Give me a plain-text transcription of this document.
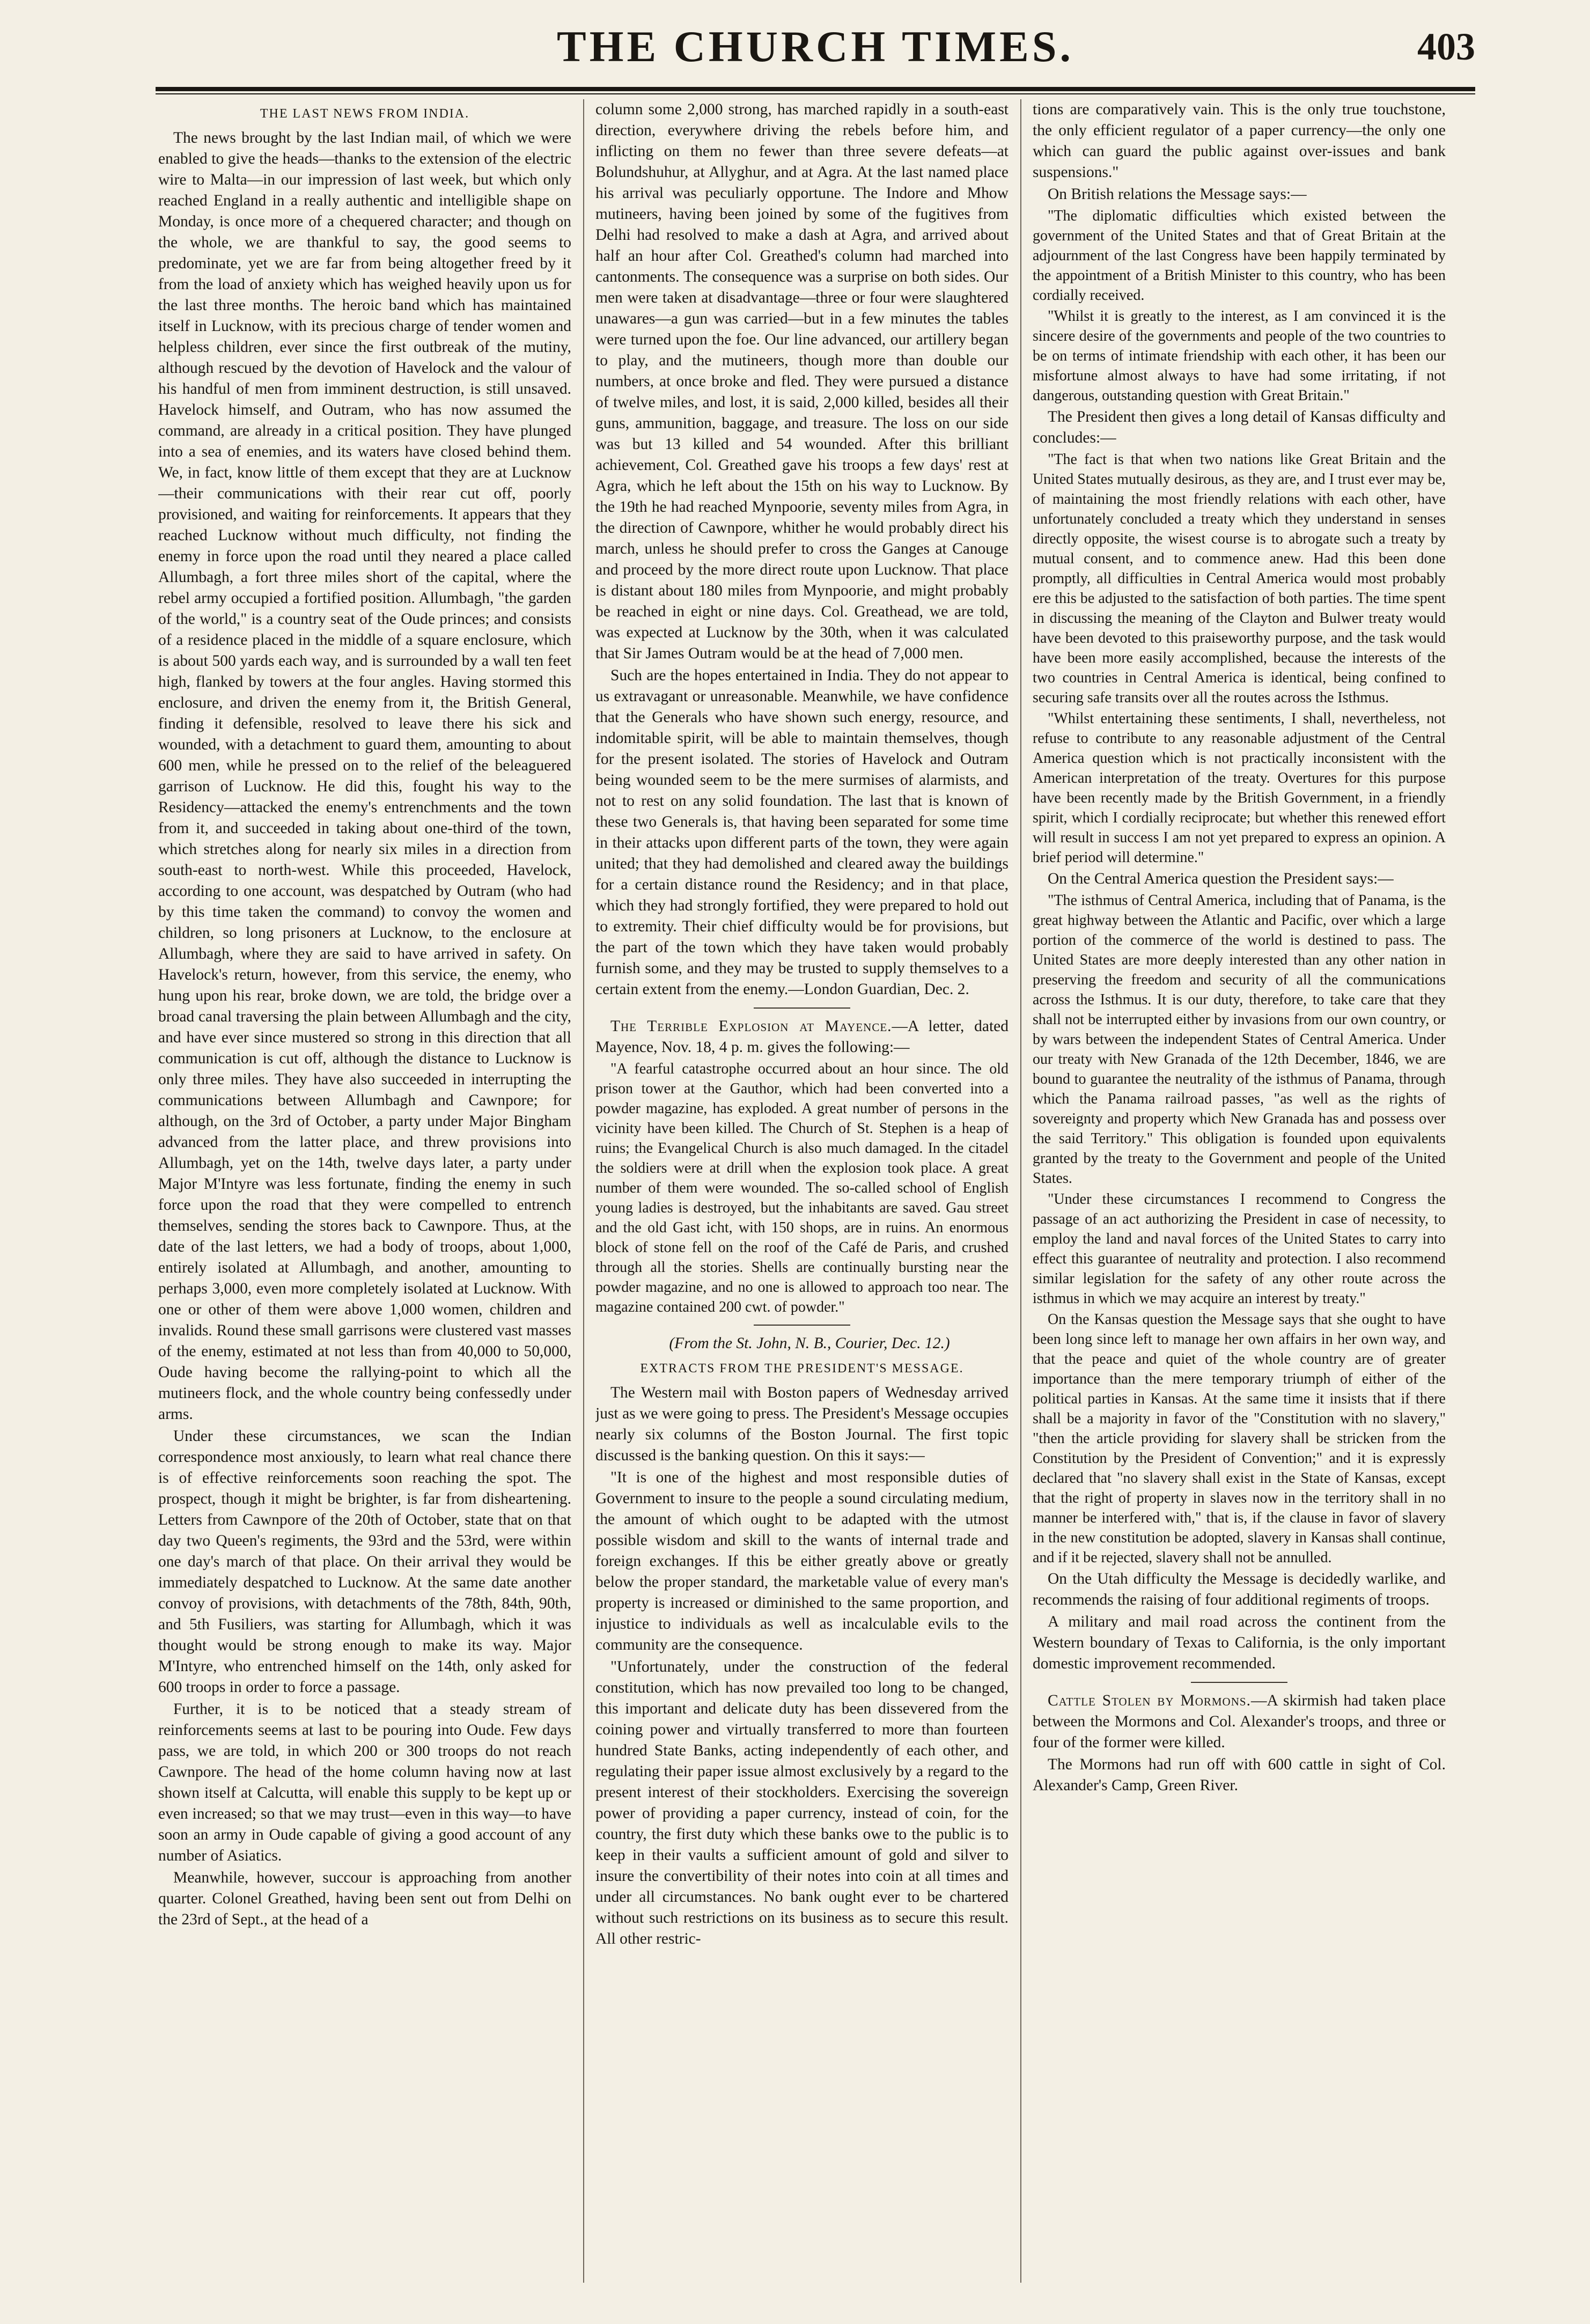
THE CHURCH TIMES.	403
THE LAST NEWS FROM INDIA.

The news brought by the last Indian mail, of which we were enabled to give the heads—thanks to the extension of the electric wire to Malta—in our impression of last week, but which only reached England in a really authentic and intelligible shape on Monday, is once more of a chequered character; and though on the whole, we are thankful to say, the good seems to predominate, yet we are far from being altogether freed by it from the load of anxiety which has weighed heavily upon us for the last three months. The heroic band which has maintained itself in Lucknow, with its precious charge of tender women and helpless children, ever since the first outbreak of the mutiny, although rescued by the devotion of Havelock and the valour of his handful of men from imminent destruction, is still unsaved. Havelock himself, and Outram, who has now assumed the command, are already in a critical position. They have plunged into a sea of enemies, and its waters have closed behind them. We, in fact, know little of them except that they are at Lucknow—their communications with their rear cut off, poorly provisioned, and waiting for reinforcements. It appears that they reached Lucknow without much difficulty, not finding the enemy in force upon the road until they neared a place called Allumbagh, a fort three miles short of the capital, where the rebel army occupied a fortified position. Allumbagh, "the garden of the world," is a country seat of the Oude princes; and consists of a residence placed in the middle of a square enclosure, which is about 500 yards each way, and is surrounded by a wall ten feet high, flanked by towers at the four angles. Having stormed this enclosure, and driven the enemy from it, the British General, finding it defensible, resolved to leave there his sick and wounded, with a detachment to guard them, amounting to about 600 men, while he pressed on to the relief of the beleaguered garrison of Lucknow. He did this, fought his way to the Residency—attacked the enemy's entrenchments and the town from it, and succeeded in taking about one-third of the town, which stretches along for nearly six miles in a direction from south-east to north-west. While this proceeded, Havelock, according to one account, was despatched by Outram (who had by this time taken the command) to convoy the women and children, so long prisoners at Lucknow, to the enclosure at Allumbagh, where they are said to have arrived in safety. On Havelock's return, however, from this service, the enemy, who hung upon his rear, broke down, we are told, the bridge over a broad canal traversing the plain between Allumbagh and the city, and have ever since mustered so strong in this direction that all communication is cut off, although the distance to Lucknow is only three miles. They have also succeeded in interrupting the communications between Allumbagh and Cawnpore; for although, on the 3rd of October, a party under Major Bingham advanced from the latter place, and threw provisions into Allumbagh, yet on the 14th, twelve days later, a party under Major M'Intyre was less fortunate, finding the enemy in such force upon the road that they were compelled to entrench themselves, sending the stores back to Cawnpore. Thus, at the date of the last letters, we had a body of troops, about 1,000, entirely isolated at Allumbagh, and another, amounting to perhaps 3,000, even more completely isolated at Lucknow. With one or other of them were above 1,000 women, children and invalids. Round these small garrisons were clustered vast masses of the enemy, estimated at not less than from 40,000 to 50,000, Oude having become the rallying-point to which all the mutineers flock, and the whole country being confessedly under arms.

Under these circumstances, we scan the Indian correspondence most anxiously, to learn what real chance there is of effective reinforcements soon reaching the spot. The prospect, though it might be brighter, is far from disheartening. Letters from Cawnpore of the 20th of October, state that on that day two Queen's regiments, the 93rd and the 53rd, were within one day's march of that place. On their arrival they would be immediately despatched to Lucknow. At the same date another convoy of provisions, with detachments of the 78th, 84th, 90th, and 5th Fusiliers, was starting for Allumbagh, which it was thought would be strong enough to make its way. Major M'Intyre, who entrenched himself on the 14th, only asked for 600 troops in order to force a passage.

Further, it is to be noticed that a steady stream of reinforcements seems at last to be pouring into Oude. Few days pass, we are told, in which 200 or 300 troops do not reach Cawnpore. The head of the home column having now at last shown itself at Calcutta, will enable this supply to be kept up or even increased; so that we may trust—even in this way—to have soon an army in Oude capable of giving a good account of any number of Asiatics.

Meanwhile, however, succour is approaching from another quarter. Colonel Greathed, having been sent out from Delhi on the 23rd of Sept., at the head of a

column some 2,000 strong, has marched rapidly in a south-east direction, everywhere driving the rebels before him, and inflicting on them no fewer than three severe defeats—at Bolundshuhur, at Allyghur, and at Agra. At the last named place his arrival was peculiarly opportune. The Indore and Mhow mutineers, having been joined by some of the fugitives from Delhi had resolved to make a dash at Agra, and arrived about half an hour after Col. Greathed's column had marched into cantonments. The consequence was a surprise on both sides. Our men were taken at disadvantage—three or four were slaughtered unawares—a gun was carried—but in a few minutes the tables were turned upon the foe. Our line advanced, our artillery began to play, and the mutineers, though more than double our numbers, at once broke and fled. They were pursued a distance of twelve miles, and lost, it is said, 2,000 killed, besides all their guns, ammunition, baggage, and treasure. The loss on our side was but 13 killed and 54 wounded. After this brilliant achievement, Col. Greathed gave his troops a few days' rest at Agra, which he left about the 15th on his way to Lucknow. By the 19th he had reached Mynpoorie, seventy miles from Agra, in the direction of Cawnpore, whither he would probably direct his march, unless he should prefer to cross the Ganges at Canouge and proceed by the more direct route upon Lucknow. That place is distant about 180 miles from Mynpoorie, and might probably be reached in eight or nine days. Col. Greathead, we are told, was expected at Lucknow by the 30th, when it was calculated that Sir James Outram would be at the head of 7,000 men.

Such are the hopes entertained in India. They do not appear to us extravagant or unreasonable. Meanwhile, we have confidence that the Generals who have shown such energy, resource, and indomitable spirit, will be able to maintain themselves, though for the present isolated. The stories of Havelock and Outram being wounded seem to be the mere surmises of alarmists, and not to rest on any solid foundation. The last that is known of these two Generals is, that having been separated for some time in their attacks upon different parts of the town, they were again united; that they had demolished and cleared away the buildings for a certain distance round the Residency; and in that place, which they had strongly fortified, they were prepared to hold out to extremity. Their chief difficulty would be for provisions, but the part of the town which they have taken would probably furnish some, and they may be trusted to supply themselves to a certain extent from the enemy.—London Guardian, Dec. 2.

The Terrible Explosion at Mayence.—A letter, dated Mayence, Nov. 18, 4 p. m. gives the following:—

"A fearful catastrophe occurred about an hour since. The old prison tower at the Gauthor, which had been converted into a powder magazine, has exploded. A great number of persons in the vicinity have been killed. The Church of St. Stephen is a heap of ruins; the Evangelical Church is also much damaged. In the citadel the soldiers were at drill when the explosion took place. A great number of them were wounded. The so-called school of English young ladies is destroyed, but the inhabitants are saved. Gau street and the old Gast icht, with 150 shops, are in ruins. An enormous block of stone fell on the roof of the Café de Paris, and crushed through all the stories. Shells are continually bursting near the powder magazine, and no one is allowed to approach too near. The magazine contained 200 cwt. of powder."

(From the St. John, N. B., Courier, Dec. 12.)

EXTRACTS FROM THE PRESIDENT'S MESSAGE.

The Western mail with Boston papers of Wednesday arrived just as we were going to press. The President's Message occupies nearly six columns of the Boston Journal. The first topic discussed is the banking question. On this it says:—

"It is one of the highest and most responsible duties of Government to insure to the people a sound circulating medium, the amount of which ought to be adapted with the utmost possible wisdom and skill to the wants of internal trade and foreign exchanges. If this be either greatly above or greatly below the proper standard, the marketable value of every man's property is increased or diminished to the same proportion, and injustice to individuals as well as incalculable evils to the community are the consequence.

"Unfortunately, under the construction of the federal constitution, which has now prevailed too long to be changed, this important and delicate duty has been dissevered from the coining power and virtually transferred to more than fourteen hundred State Banks, acting independently of each other, and regulating their paper issue almost exclusively by a regard to the present interest of their stockholders. Exercising the sovereign power of providing a paper currency, instead of coin, for the country, the first duty which these banks owe to the public is to keep in their vaults a sufficient amount of gold and silver to insure the convertibility of their notes into coin at all times and under all circumstances. No bank ought ever to be chartered without such restrictions on its business as to secure this result. All other restric-

tions are comparatively vain. This is the only true touchstone, the only efficient regulator of a paper currency—the only one which can guard the public against over-issues and bank suspensions."

On British relations the Message says:—

"The diplomatic difficulties which existed between the government of the United States and that of Great Britain at the adjournment of the last Congress have been happily terminated by the appointment of a British Minister to this country, who has been cordially received.

"Whilst it is greatly to the interest, as I am convinced it is the sincere desire of the governments and people of the two countries to be on terms of intimate friendship with each other, it has been our misfortune almost always to have had some irritating, if not dangerous, outstanding question with Great Britain."

The President then gives a long detail of Kansas difficulty and concludes:—

"The fact is that when two nations like Great Britain and the United States mutually desirous, as they are, and I trust ever may be, of maintaining the most friendly relations with each other, have unfortunately concluded a treaty which they understand in senses directly opposite, the wisest course is to abrogate such a treaty by mutual consent, and to commence anew. Had this been done promptly, all difficulties in Central America would most probably ere this be adjusted to the satisfaction of both parties. The time spent in discussing the meaning of the Clayton and Bulwer treaty would have been devoted to this praiseworthy purpose, and the task would have been more easily accomplished, because the interests of the two countries in Central America is identical, being confined to securing safe transits over all the routes across the Isthmus.

"Whilst entertaining these sentiments, I shall, nevertheless, not refuse to contribute to any reasonable adjustment of the Central America question which is not practically inconsistent with the American interpretation of the treaty. Overtures for this purpose have been recently made by the British Government, in a friendly spirit, which I cordially reciprocate; but whether this renewed effort will result in success I am not yet prepared to express an opinion. A brief period will determine."

On the Central America question the President says:—

"The isthmus of Central America, including that of Panama, is the great highway between the Atlantic and Pacific, over which a large portion of the commerce of the world is destined to pass. The United States are more deeply interested than any other nation in preserving the freedom and security of all the communications across the Isthmus. It is our duty, therefore, to take care that they shall not be interrupted either by invasions from our own country, or by wars between the independent States of Central America. Under our treaty with New Granada of the 12th December, 1846, we are bound to guarantee the neutrality of the isthmus of Panama, through which the Panama railroad passes, "as well as the rights of sovereignty and property which New Granada has and possess over the said Territory." This obligation is founded upon equivalents granted by the treaty to the Government and people of the United States.

"Under these circumstances I recommend to Congress the passage of an act authorizing the President in case of necessity, to employ the land and naval forces of the United States to carry into effect this guarantee of neutrality and protection. I also recommend similar legislation for the safety of any other route across the isthmus in which we may acquire an interest by treaty."

On the Kansas question the Message says that she ought to have been long since left to manage her own affairs in her own way, and that the peace and quiet of the whole country are of greater importance than the mere temporary triumph of either of the political parties in Kansas. At the same time it insists that if there shall be a majority in favor of the "Constitution with no slavery," "then the article providing for slavery shall be stricken from the Constitution by the President of Convention;" and it is expressly declared that "no slavery shall exist in the State of Kansas, except that the right of property in slaves now in the territory shall in no manner be interfered with," that is, if the clause in favor of slavery in the new constitution be adopted, slavery in Kansas shall continue, and if it be rejected, slavery shall not be annulled.

On the Utah difficulty the Message is decidedly warlike, and recommends the raising of four additional regiments of troops.

A military and mail road across the continent from the Western boundary of Texas to California, is the only important domestic improvement recommended.

Cattle Stolen by Mormons.—A skirmish had taken place between the Mormons and Col. Alexander's troops, and three or four of the former were killed.

The Mormons had run off with 600 cattle in sight of Col. Alexander's Camp, Green River.
